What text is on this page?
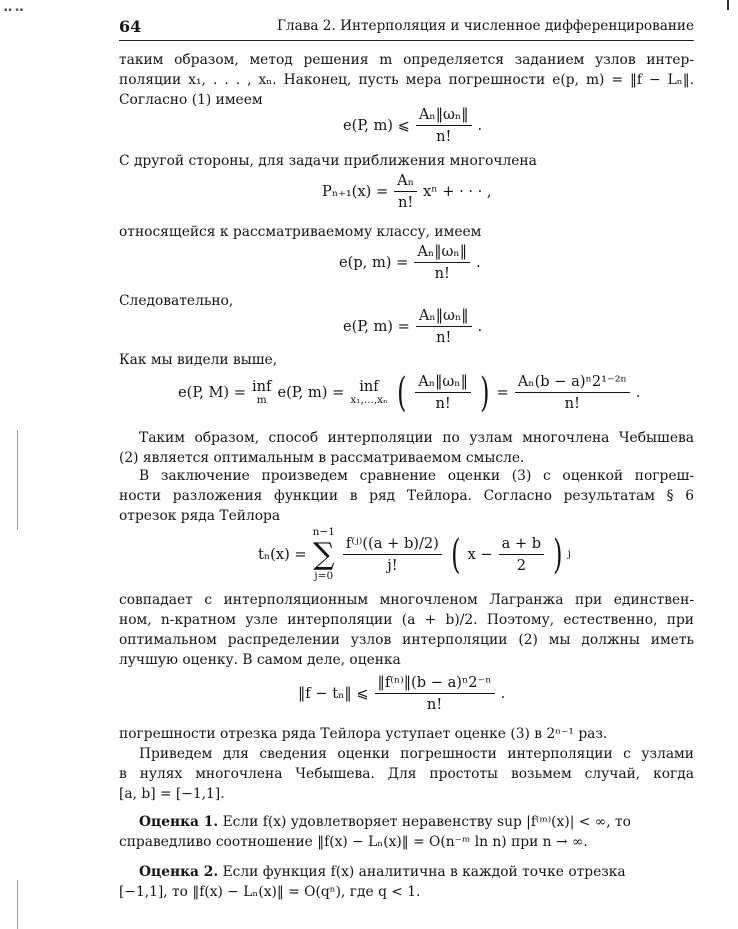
▪▪ ▪▪
64	Глава 2. Интерполяция и численное дифференцирование
таким образом, метод решения m определяется заданием узлов интер-
поляции x₁, . . . , xₙ. Наконец, пусть мера погрешности e(p, m) = ‖f − Lₙ‖.
Согласно (1) имеем
e(P, m) ⩽ $\frac{\text{Aₙ‖ωₙ‖}}{n!}$ .
С другой стороны, для задачи приближения многочлена
$P_{n+1}(x) = \frac{\text{Aₙ}}{n!}$ xⁿ + · · · ,
относящейся к рассматриваемому классу, имеем
e(p, $m) = \frac{\text{Aₙ‖ωₙ‖}}{n!}$ .
Следовательно,
e(P, $m) = \frac{\text{Aₙ‖ωₙ‖}}{n!}$ .
Как мы видели выше,
e(P, M) = inf
m e(P, m) = inf
x₁,...,xₙ ( $\frac{\text{Aₙ‖ωₙ‖}}{n!}$ ) = $\frac{\text{Aₙ(b − a)ⁿ2¹⁻²ⁿ}}{n!}$ .
Таким образом, способ интерполяции по узлам многочлена Чебышева
(2) является оптимальным в рассматриваемом смысле.
В заключение произведем сравнение оценки (3) с оценкой погреш-
ности разложения функции в ряд Тейлора. Согласно результатам § 6
отрезок ряда Тейлора
tₙ(x) =
n−1
∑
j=0
$\frac{\text{f⁽ʲ⁾((a + b)/2)}}{j!}$ ( $x - \frac{a + b}{2}$ ) j
совпадает с интерполяционным многочленом Лагранжа при единствен-
ном, n-кратном узле интерполяции (a + b)/2. Поэтому, естественно, при
оптимальном распределении узлов интерполяции (2) мы должны иметь
лучшую оценку. В самом деле, оценка
‖f − tₙ‖ ⩽ $\frac{\text{‖f⁽ⁿ⁾‖(b − a)ⁿ2⁻ⁿ}}{n!}$ .
погрешности отрезка ряда Тейлора уступает оценке (3) в 2ⁿ⁻¹ раз.
Приведем для сведения оценки погрешности интерполяции с узлами
в нулях многочлена Чебышева. Для простоты возьмем случай, когда
[a, b] = [−1,1].
Оценка 1. Если f(x) удовлетворяет неравенству sup |f⁽ᵐ⁾(x)| < ∞, то
справедливо соотношение ‖f(x) − Lₙ(x)‖ = O(n⁻ᵐ ln n) при n → ∞.
Оценка 2. Если функция f(x) аналитична в каждой точке отрезка
[−1,1], то ‖f(x) − Lₙ(x)‖ = O(qⁿ), где q < 1.
